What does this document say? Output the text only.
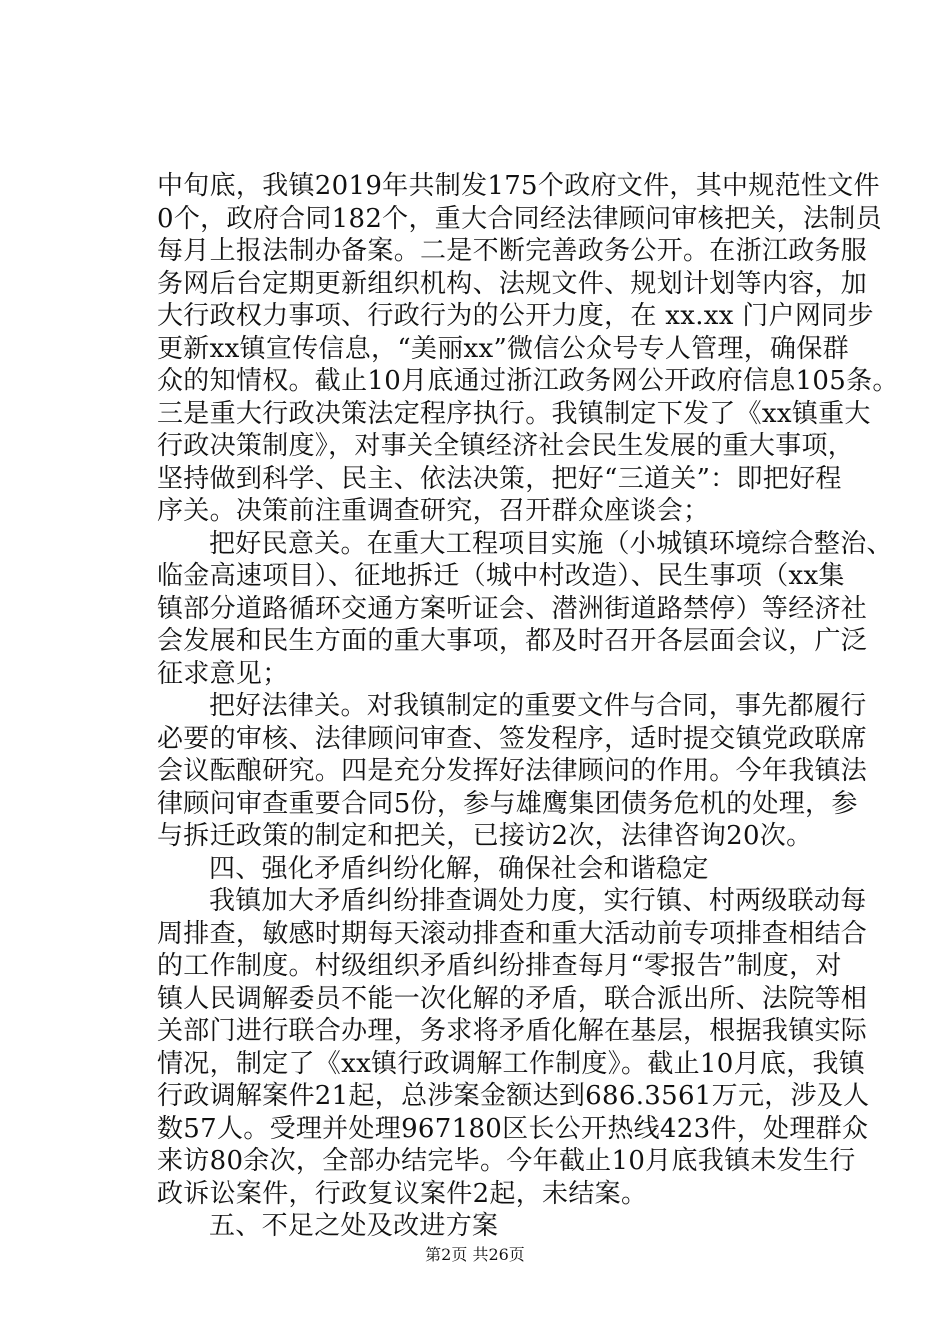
中旬底，我镇2019年共制发175个政府文件，其中规范性文件
0个，政府合同182个，重大合同经法律顾问审核把关，法制员
每月上报法制办备案。二是不断完善政务公开。在浙江政务服
务网后台定期更新组织机构、法规文件、规划计划等内容，加
大行政权力事项、行政行为的公开力度，在 xx.xx 门户网同步
更新xx镇宣传信息，“美丽xx”微信公众号专人管理，确保群
众的知情权。截止10月底通过浙江政务网公开政府信息105条。
三是重大行政决策法定程序执行。我镇制定下发了《xx镇重大
行政决策制度》，对事关全镇经济社会民生发展的重大事项，
坚持做到科学、民主、依法决策，把好“三道关”：即把好程
序关。决策前注重调查研究，召开群众座谈会；
把好民意关。在重大工程项目实施（小城镇环境综合整治、
临金高速项目）、征地拆迁（城中村改造）、民生事项（xx集
镇部分道路循环交通方案听证会、潜洲街道路禁停）等经济社
会发展和民生方面的重大事项，都及时召开各层面会议，广泛
征求意见；
把好法律关。对我镇制定的重要文件与合同，事先都履行
必要的审核、法律顾问审查、签发程序，适时提交镇党政联席
会议酝酿研究。四是充分发挥好法律顾问的作用。今年我镇法
律顾问审查重要合同5份，参与雄鹰集团债务危机的处理，参
与拆迁政策的制定和把关，已接访2次，法律咨询20次。
四、强化矛盾纠纷化解，确保社会和谐稳定
我镇加大矛盾纠纷排查调处力度，实行镇、村两级联动每
周排查，敏感时期每天滚动排查和重大活动前专项排查相结合
的工作制度。村级组织矛盾纠纷排查每月“零报告”制度，对
镇人民调解委员不能一次化解的矛盾，联合派出所、法院等相
关部门进行联合办理，务求将矛盾化解在基层，根据我镇实际
情况，制定了《xx镇行政调解工作制度》。截止10月底，我镇
行政调解案件21起，总涉案金额达到686.3561万元，涉及人
数57人。受理并处理967180区长公开热线423件，处理群众
来访80余次，全部办结完毕。今年截止10月底我镇未发生行
政诉讼案件，行政复议案件2起，未结案。
五、不足之处及改进方案
第2页 共26页
